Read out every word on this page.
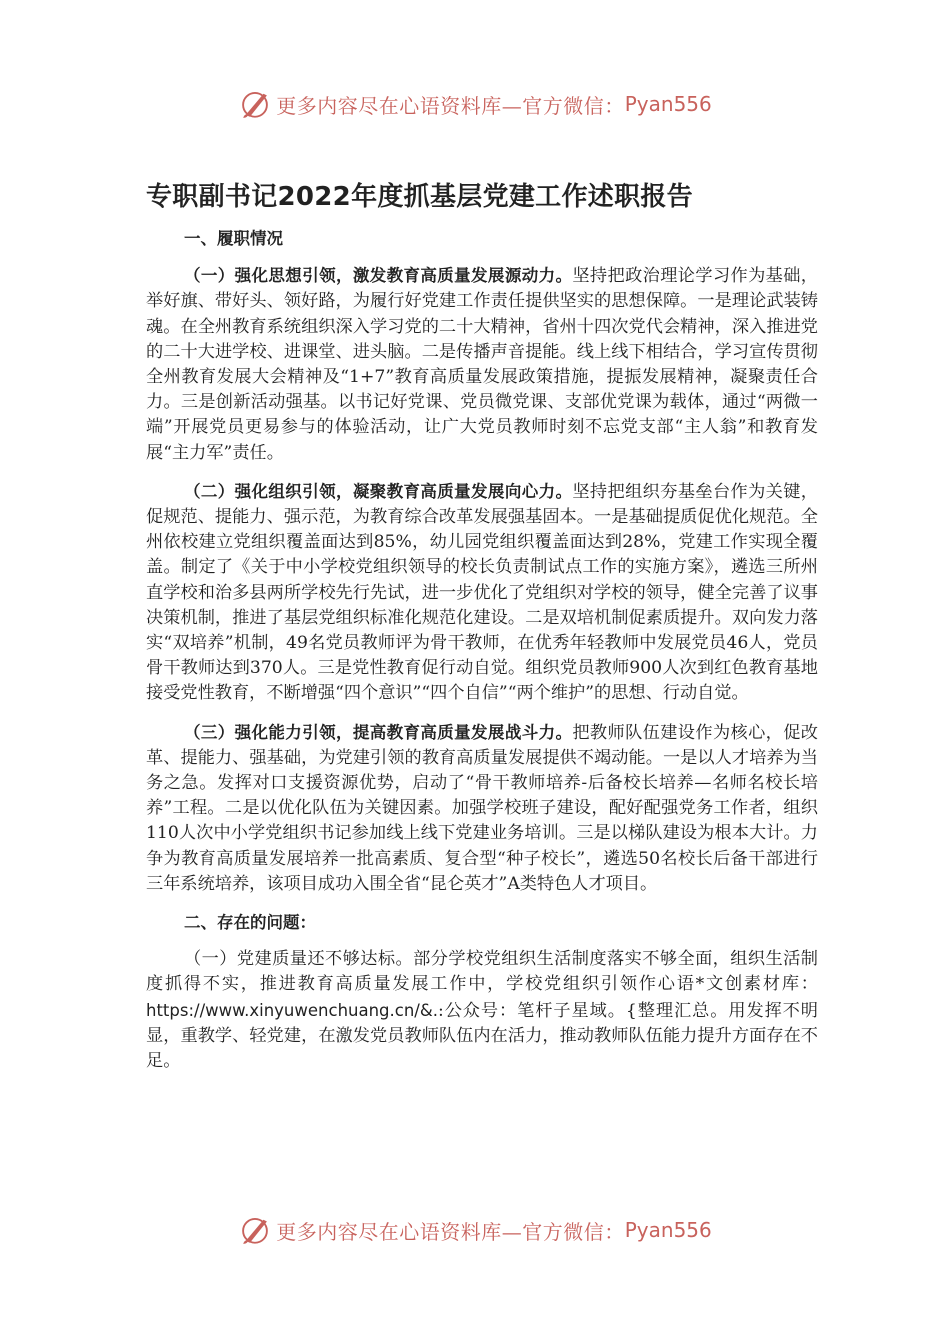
更多内容尽在心语资料库—官方微信： Pyan556
专职副书记2022年度抓基层党建工作述职报告
一、履职情况

（一）强化思想引领，激发教育高质量发展源动力。坚持把政治理论学习作为基础，举好旗、带好头、领好路，为履行好党建工作责任提供坚实的思想保障。一是理论武装铸魂。在全州教育系统组织深入学习党的二十大精神，省州十四次党代会精神，深入推进党的二十大进学校、进课堂、进头脑。二是传播声音提能。线上线下相结合，学习宣传贯彻全州教育发展大会精神及“1+7”教育高质量发展政策措施，提振发展精神，凝聚责任合力。三是创新活动强基。以书记好党课、党员微党课、支部优党课为载体，通过“两微一端”开展党员更易参与的体验活动，让广大党员教师时刻不忘党支部“主人翁”和教育发展“主力军”责任。

（二）强化组织引领，凝聚教育高质量发展向心力。坚持把组织夯基垒台作为关键，促规范、提能力、强示范，为教育综合改革发展强基固本。一是基础提质促优化规范。全州依校建立党组织覆盖面达到85%，幼儿园党组织覆盖面达到28%，党建工作实现全覆盖。制定了《关于中小学校党组织领导的校长负责制试点工作的实施方案》，遴选三所州直学校和治多县两所学校先行先试，进一步优化了党组织对学校的领导，健全完善了议事决策机制，推进了基层党组织标准化规范化建设。二是双培机制促素质提升。双向发力落实“双培养”机制，49名党员教师评为骨干教师，在优秀年轻教师中发展党员46人，党员骨干教师达到370人。三是党性教育促行动自觉。组织党员教师900人次到红色教育基地接受党性教育，不断增强“四个意识”“四个自信”“两个维护”的思想、行动自觉。

（三）强化能力引领，提高教育高质量发展战斗力。把教师队伍建设作为核心，促改革、提能力、强基础，为党建引领的教育高质量发展提供不竭动能。一是以人才培养为当务之急。发挥对口支援资源优势，启动了“骨干教师培养-后备校长培养—名师名校长培养”工程。二是以优化队伍为关键因素。加强学校班子建设，配好配强党务工作者，组织110人次中小学党组织书记参加线上线下党建业务培训。三是以梯队建设为根本大计。力争为教育高质量发展培养一批高素质、复合型“种子校长”，遴选50名校长后备干部进行三年系统培养，该项目成功入围全省“昆仑英才”A类特色人才项目。

二、存在的问题：

（一）党建质量还不够达标。部分学校党组织生活制度落实不够全面，组织生活制度抓得不实，推进教育高质量发展工作中，学校党组织引领作心语*文创素材库：https://www.xinyuwenchuang.cn/&.:公众号：笔杆子星域。{整理汇总。用发挥不明显，重教学、轻党建，在激发党员教师队伍内在活力，推动教师队伍能力提升方面存在不足。

更多内容尽在心语资料库—官方微信： Pyan556
